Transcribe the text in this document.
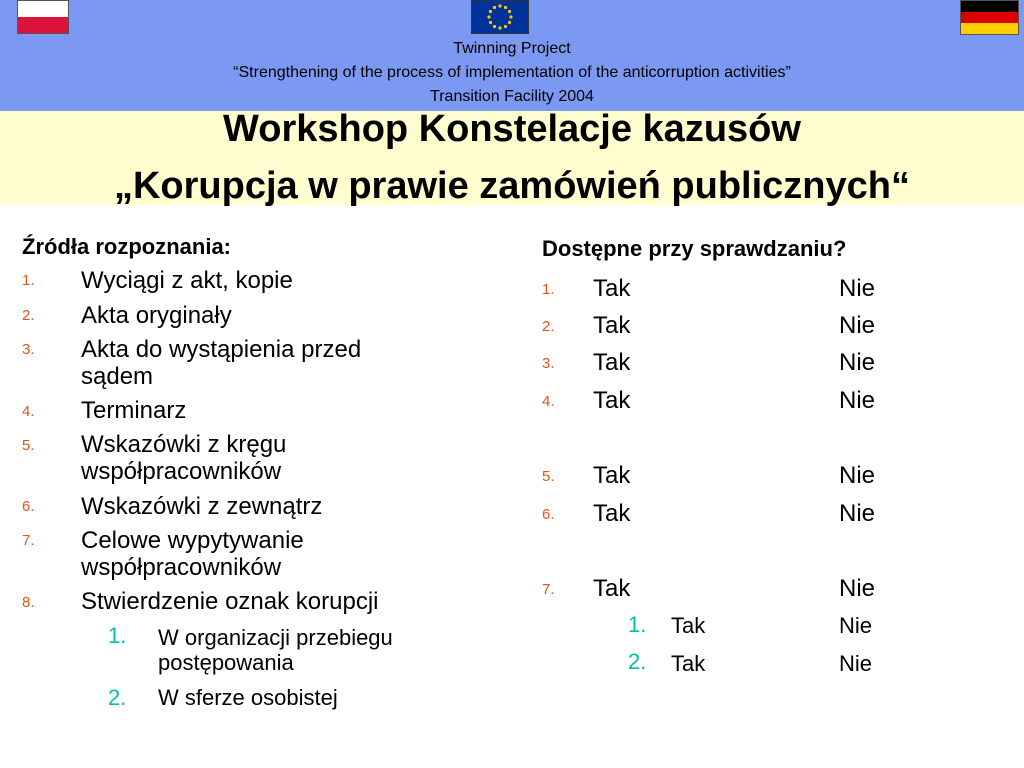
Twinning Project
“Strengthening of the process of implementation of the anticorruption activities”
Transition Facility 2004
Workshop Konstelacje kazusów
„Korupcja w prawie zamówień publicznych“
Źródła rozpoznania:
1. Wyciągi z akt, kopie
2. Akta oryginały
3. Akta do wystąpienia przed
sądem
4. Terminarz
5. Wskazówki z kręgu
współpracowników
6. Wskazówki z zewnątrz
7. Celowe wypytywanie
współpracowników
8. Stwierdzenie oznak korupcji
1. W organizacji przebiegu
postępowania
2. W sferze osobistej
Dostępne przy sprawdzaniu?
1. Tak	Nie
2. Tak	Nie
3. Tak	Nie
4. Tak	Nie
5. Tak	Nie
6. Tak	Nie
7. Tak	Nie
1. Tak	Nie
2. Tak	Nie
